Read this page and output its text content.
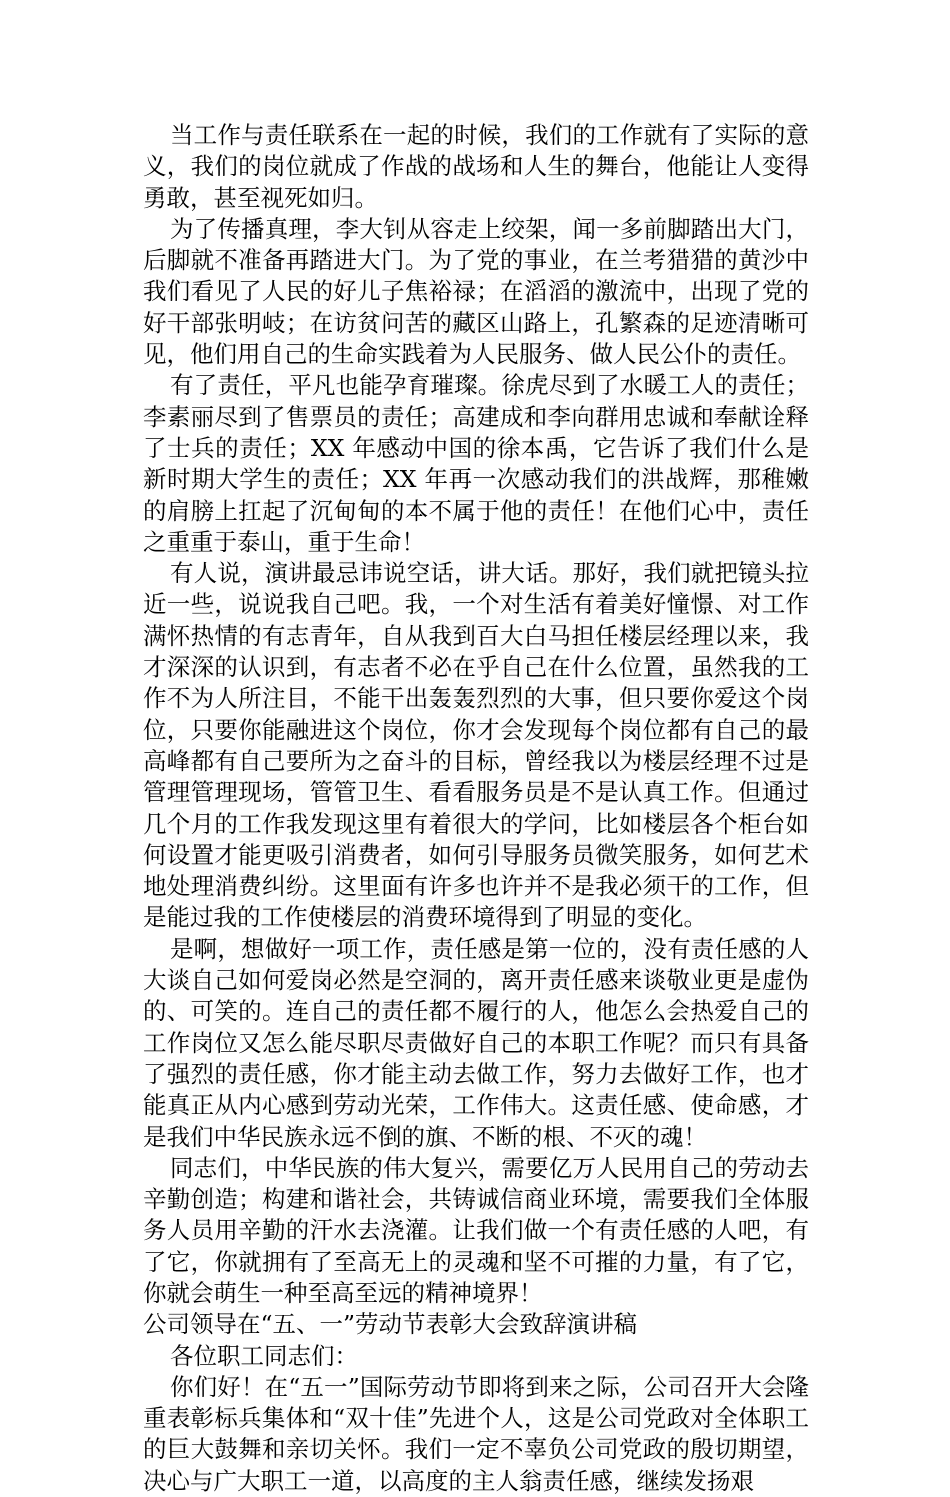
当工作与责任联系在一起的时候，我们的工作就有了实际的意义，我们的岗位就成了作战的战场和人生的舞台，他能让人变得勇敢，甚至视死如归。

为了传播真理，李大钊从容走上绞架，闻一多前脚踏出大门，后脚就不准备再踏进大门。为了党的事业，在兰考猎猎的黄沙中我们看见了人民的好儿子焦裕禄；在滔滔的激流中，出现了党的好干部张明岐；在访贫问苦的藏区山路上，孔繁森的足迹清晰可见，他们用自己的生命实践着为人民服务、做人民公仆的责任。

有了责任，平凡也能孕育璀璨。徐虎尽到了水暖工人的责任；李素丽尽到了售票员的责任；高建成和李向群用忠诚和奉献诠释了士兵的责任；XX 年感动中国的徐本禹，它告诉了我们什么是新时期大学生的责任；XX 年再一次感动我们的洪战辉，那稚嫩的肩膀上扛起了沉甸甸的本不属于他的责任！在他们心中，责任之重重于泰山，重于生命！

有人说，演讲最忌讳说空话，讲大话。那好，我们就把镜头拉近一些，说说我自己吧。我，一个对生活有着美好憧憬、对工作满怀热情的有志青年，自从我到百大白马担任楼层经理以来，我才深深的认识到，有志者不必在乎自己在什么位置，虽然我的工作不为人所注目，不能干出轰轰烈烈的大事，但只要你爱这个岗位，只要你能融进这个岗位，你才会发现每个岗位都有自己的最高峰都有自己要所为之奋斗的目标，曾经我以为楼层经理不过是管理管理现场，管管卫生、看看服务员是不是认真工作。但通过几个月的工作我发现这里有着很大的学问，比如楼层各个柜台如何设置才能更吸引消费者，如何引导服务员微笑服务，如何艺术地处理消费纠纷。这里面有许多也许并不是我必须干的工作，但是能过我的工作使楼层的消费环境得到了明显的变化。

是啊，想做好一项工作，责任感是第一位的，没有责任感的人大谈自己如何爱岗必然是空洞的，离开责任感来谈敬业更是虚伪的、可笑的。连自己的责任都不履行的人，他怎么会热爱自己的工作岗位又怎么能尽职尽责做好自己的本职工作呢？而只有具备了强烈的责任感，你才能主动去做工作，努力去做好工作，也才能真正从内心感到劳动光荣，工作伟大。这责任感、使命感，才是我们中华民族永远不倒的旗、不断的根、不灭的魂！

同志们，中华民族的伟大复兴，需要亿万人民用自己的劳动去辛勤创造；构建和谐社会，共铸诚信商业环境，需要我们全体服务人员用辛勤的汗水去浇灌。让我们做一个有责任感的人吧，有了它，你就拥有了至高无上的灵魂和坚不可摧的力量，有了它，你就会萌生一种至高至远的精神境界！

公司领导在“五、一”劳动节表彰大会致辞演讲稿

各位职工同志们：

你们好！在“五一”国际劳动节即将到来之际，公司召开大会隆重表彰标兵集体和“双十佳”先进个人，这是公司党政对全体职工的巨大鼓舞和亲切关怀。我们一定不辜负公司党政的殷切期望，决心与广大职工一道，以高度的主人翁责任感，继续发扬艰
